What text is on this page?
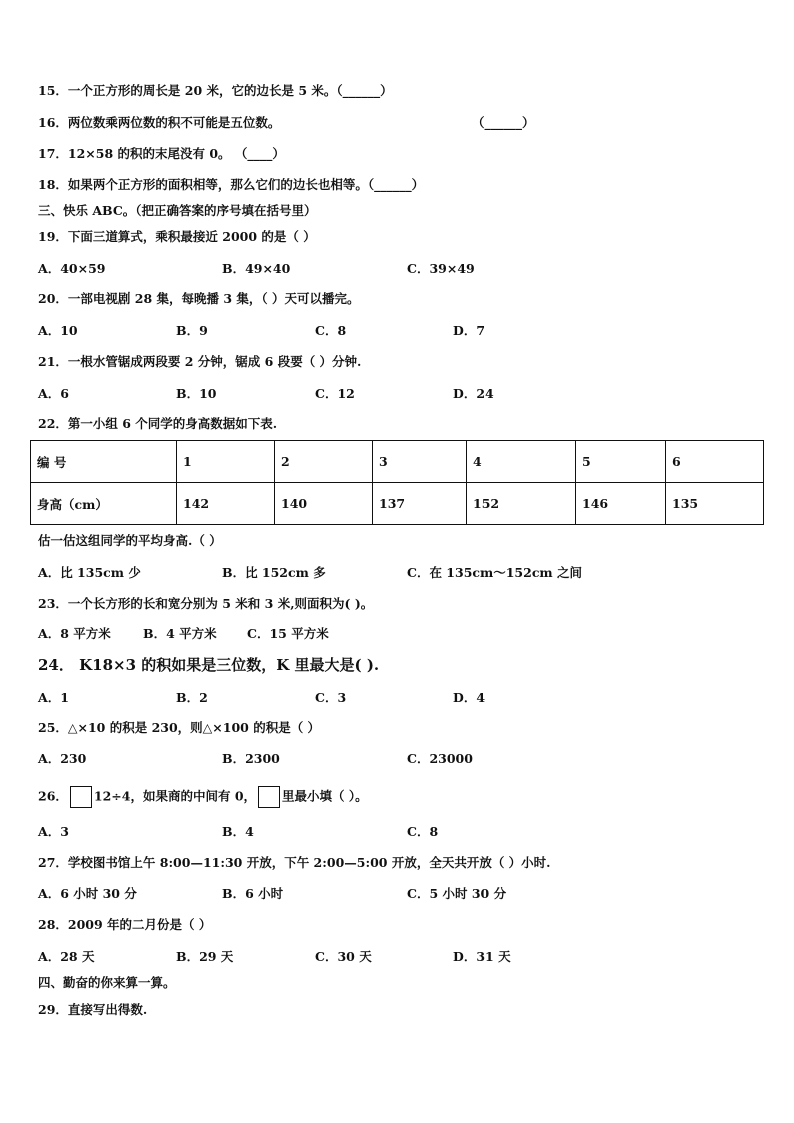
15．一个正方形的周长是 20 米，它的边长是 5 米。（______）
16．两位数乘两位数的积不可能是五位数。	（______）
17．12×58 的积的末尾没有 0。 （____）
18．如果两个正方形的面积相等，那么它们的边长也相等。（______）
三、快乐 ABC。（把正确答案的序号填在括号里）
19．下面三道算式，乘积最接近 2000 的是（ ）
A．40×59	B．49×40	C．39×49
20．一部电视剧 28 集，每晚播 3 集，（ ）天可以播完。
A．10	B．9	C．8	D．7
21．一根水管锯成两段要 2 分钟，锯成 6 段要（ ）分钟.
A．6	B．10	C．12	D．24
22．第一小组 6 个同学的身高数据如下表.
编 号	1	2	3	4	5	6
身高（cm）	142	140	137	152	146	135
估一估这组同学的平均身高.（ ）
A．比 135cm 少	B．比 152cm 多	C．在 135cm～152cm 之间
23．一个长方形的长和宽分别为 5 米和 3 米,则面积为( )。
A．8 平方米	B．4 平方米 C．15 平方米
24． K18×3 的积如果是三位数，K 里最大是( ).
A．1	B．2	C．3	D．4
25．△×10 的积是 230，则△×100 的积是（ ）
A．230	B．2300	C．23000
26． 12÷4，如果商的中间有 0， 里最小填（ ）。
A．3	B．4	C．8
27．学校图书馆上午 8:00—11:30 开放，下午 2:00—5:00 开放，全天共开放（ ）小时.
A．6 小时 30 分	B．6 小时	C．5 小时 30 分
28．2009 年的二月份是（ ）
A．28 天	B．29 天	C．30 天	D．31 天
四、勤奋的你来算一算。
29．直接写出得数.
